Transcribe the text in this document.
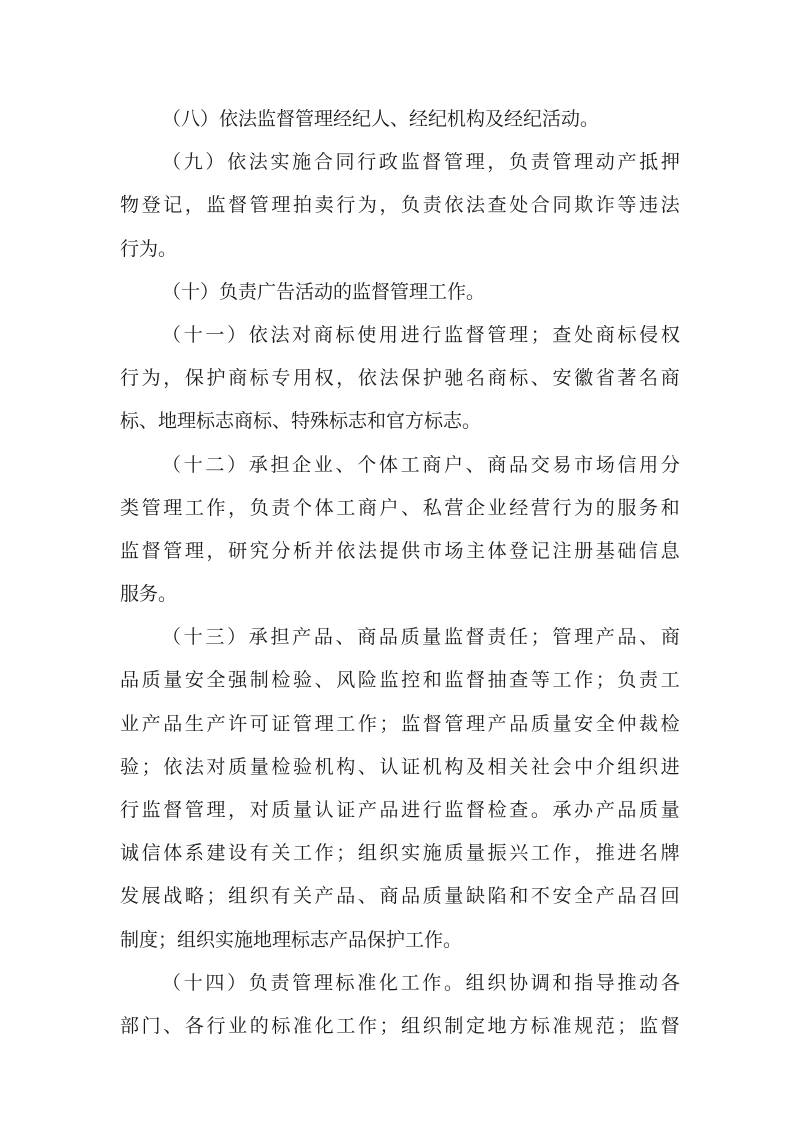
（八）依法监督管理经纪人、经纪机构及经纪活动。
（ 九 ） 依 法 实 施 合 同 行 政 监 督 管 理 ， 负 责 管 理 动 产 抵 押
物 登 记 ， 监 督 管 理 拍 卖 行 为 ， 负 责 依 法 查 处 合 同 欺 诈 等 违 法
行为。
（十）负责广告活动的监督管理工作。
（ 十 一 ） 依 法 对 商 标 使 用 进 行 监 督 管 理 ； 查 处 商 标 侵 权
行 为 ， 保 护 商 标 专 用 权 ， 依 法 保 护 驰 名 商 标 、 安 徽 省 著 名 商
标、地理标志商标、特殊标志和官方标志。
（ 十 二 ） 承 担 企 业 、 个 体 工 商 户 、 商 品 交 易 市 场 信 用 分
类 管 理 工 作 ， 负 责 个 体 工 商 户 、 私 营 企 业 经 营 行 为 的 服 务 和
监 督 管 理 ， 研 究 分 析 并 依 法 提 供 市 场 主 体 登 记 注 册 基 础 信 息
服务。
（ 十 三 ） 承 担 产 品 、 商 品 质 量 监 督 责 任 ； 管 理 产 品 、 商
品 质 量 安 全 强 制 检 验 、 风 险 监 控 和 监 督 抽 查 等 工 作 ； 负 责 工
业 产 品 生 产 许 可 证 管 理 工 作 ； 监 督 管 理 产 品 质 量 安 全 仲 裁 检
验 ； 依 法 对 质 量 检 验 机 构 、 认 证 机 构 及 相 关 社 会 中 介 组 织 进
行 监 督 管 理 ， 对 质 量 认 证 产 品 进 行 监 督 检 查 。 承 办 产 品 质 量
诚 信 体 系 建 设 有 关 工 作 ； 组 织 实 施 质 量 振 兴 工 作 ， 推 进 名 牌
发 展 战 略 ； 组 织 有 关 产 品 、 商 品 质 量 缺 陷 和 不 安 全 产 品 召 回
制度；组织实施地理标志产品保护工作。
（ 十 四 ） 负 责 管 理 标 准 化 工 作 。 组 织 协 调 和 指 导 推 动 各
部 门 、 各 行 业 的 标 准 化 工 作 ； 组 织 制 定 地 方 标 准 规 范 ； 监 督
